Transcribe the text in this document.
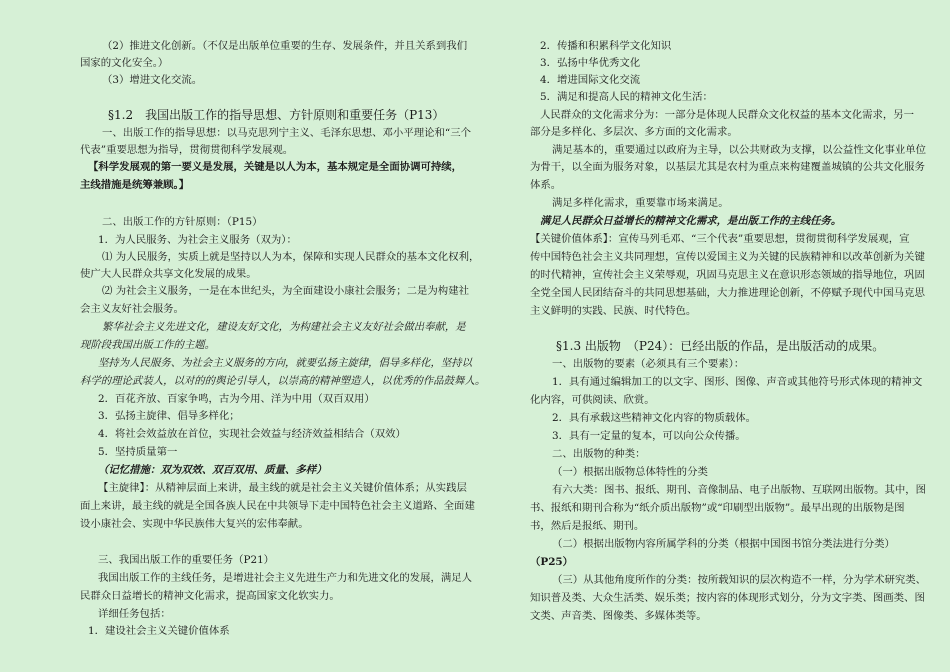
（2）推进文化创新。（不仅是出版单位重要的生存、发展条件，并且关系到我们
国家的文化安全。）
（3）增进文化交流。
§1.2　我国出版工作的指导思想、方针原则和重要任务（P13）
一、出版工作的指导思想：以马克思列宁主义、毛泽东思想、邓小平理论和“三个
代表”重要思想为指导，贯彻贯彻科学发展观。
【科学发展观的第一要义是发展，关键是以人为本，基本规定是全面协调可持续，
主线措施是统筹兼顾。】
二、出版工作的方针原则：（P15）
1．为人民服务、为社会主义服务（双为）：
⑴ 为人民服务，实质上就是坚持以人为本，保障和实现人民群众的基本文化权利，
使广大人民群众共享文化发展的成果。
⑵ 为社会主义服务，一是在本世纪头，为全面建设小康社会服务；二是为构建社
会主义友好社会服务。
繁华社会主义先进文化，建设友好文化，为构建社会主义友好社会做出奉献，是
现阶段我国出版工作的主题。
坚持为人民服务、为社会主义服务的方向，就要弘扬主旋律，倡导多样化，坚持以
科学的理论武装人，以对的的舆论引导人，以崇高的精神塑造人，以优秀的作品鼓舞人。
2．百花齐放、百家争鸣，古为今用、洋为中用（双百双用）
3．弘扬主旋律、倡导多样化；
4．将社会效益放在首位，实现社会效益与经济效益相结合（双效）
5．坚持质量第一
（记忆措施：双为双效、双百双用、质量、多样）
【主旋律】：从精神层面上来讲，最主线的就是社会主义关键价值体系；从实践层
面上来讲，最主线的就是全国各族人民在中共领导下走中国特色社会主义道路、全面建
设小康社会、实现中华民族伟大复兴的宏伟奉献。
三、我国出版工作的重要任务（P21）
我国出版工作的主线任务，是增进社会主义先进生产力和先进文化的发展，满足人
民群众日益增长的精神文化需求，提高国家文化软实力。
详细任务包括：
1．建设社会主义关键价值体系
2．传播和积累科学文化知识
3．弘扬中华优秀文化
4．增进国际文化交流
5．满足和提高人民的精神文化生活：
人民群众的文化需求分为：一部分是体现人民群众文化权益的基本文化需求，另一
部分是多样化、多层次、多方面的文化需求。
满足基本的，重要通过以政府为主导，以公共财政为支撑，以公益性文化事业单位
为骨干，以全面为服务对象，以基层尤其是农村为重点来构建覆盖城镇的公共文化服务
体系。
满足多样化需求，重要靠市场来满足。
满足人民群众日益增长的精神文化需求，是出版工作的主线任务。
【关键价值体系】：宣传马列毛邓、“三个代表”重要思想，贯彻贯彻科学发展观，宣
传中国特色社会主义共同理想，宣传以爱国主义为关键的民族精神和以改革创新为关键
的时代精神，宣传社会主义荣辱观，巩固马克思主义在意识形态领域的指导地位，巩固
全党全国人民团结奋斗的共同思想基础，大力推进理论创新，不停赋予现代中国马克思
主义鲜明的实践、民族、时代特色。
§1.3 出版物　（P24）：已经出版的作品，是出版活动的成果。
一、出版物的要素（必须具有三个要素）：
1．具有通过编辑加工的以文字、图形、图像、声音或其他符号形式体现的精神文
化内容，可供阅读、欣赏。
2．具有承载这些精神文化内容的物质载体。
3．具有一定量的复本，可以向公众传播。
二、出版物的种类：
（一）根据出版物总体特性的分类
有六大类：图书、报纸、期刊、音像制品、电子出版物、互联网出版物。其中，图
书、报纸和期刊合称为“纸介质出版物”或“印刷型出版物”。最早出现的出版物是图
书，然后是报纸、期刊。
（二）根据出版物内容所属学科的分类（根据中国图书馆分类法进行分类）
（P25）
（三）从其他角度所作的分类：按所载知识的层次构造不一样，分为学术研究类、
知识普及类、大众生活类、娱乐类；按内容的体现形式划分，分为文字类、图画类、图
文类、声音类、图像类、多媒体类等。
